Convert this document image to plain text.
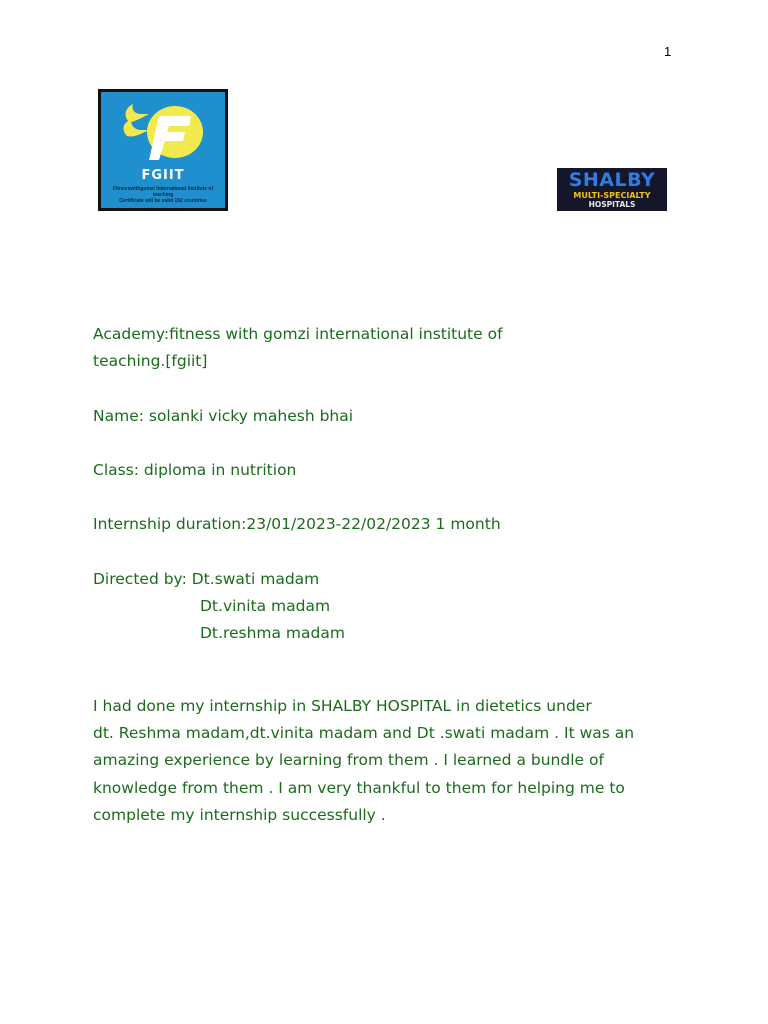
1
FGIIT
Fitnesswithgomzi International Institute of teaching
Certificate will be valid 192 countries
SHALBY
MULTI-SPECIALTY
HOSPITALS
Academy:fitness with gomzi international institute of
teaching.[fgiit]
Name: solanki vicky mahesh bhai
Class: diploma in nutrition
Internship duration:23/01/2023-22/02/2023 1 month
Directed by: Dt.swati madam
Dt.vinita madam
Dt.reshma madam
I had done my internship in SHALBY HOSPITAL in dietetics under
dt. Reshma madam,dt.vinita madam and Dt .swati madam . It was an
amazing experience by learning from them . I learned a bundle of
knowledge from them . I am very thankful to them for helping me to
complete my internship successfully .
